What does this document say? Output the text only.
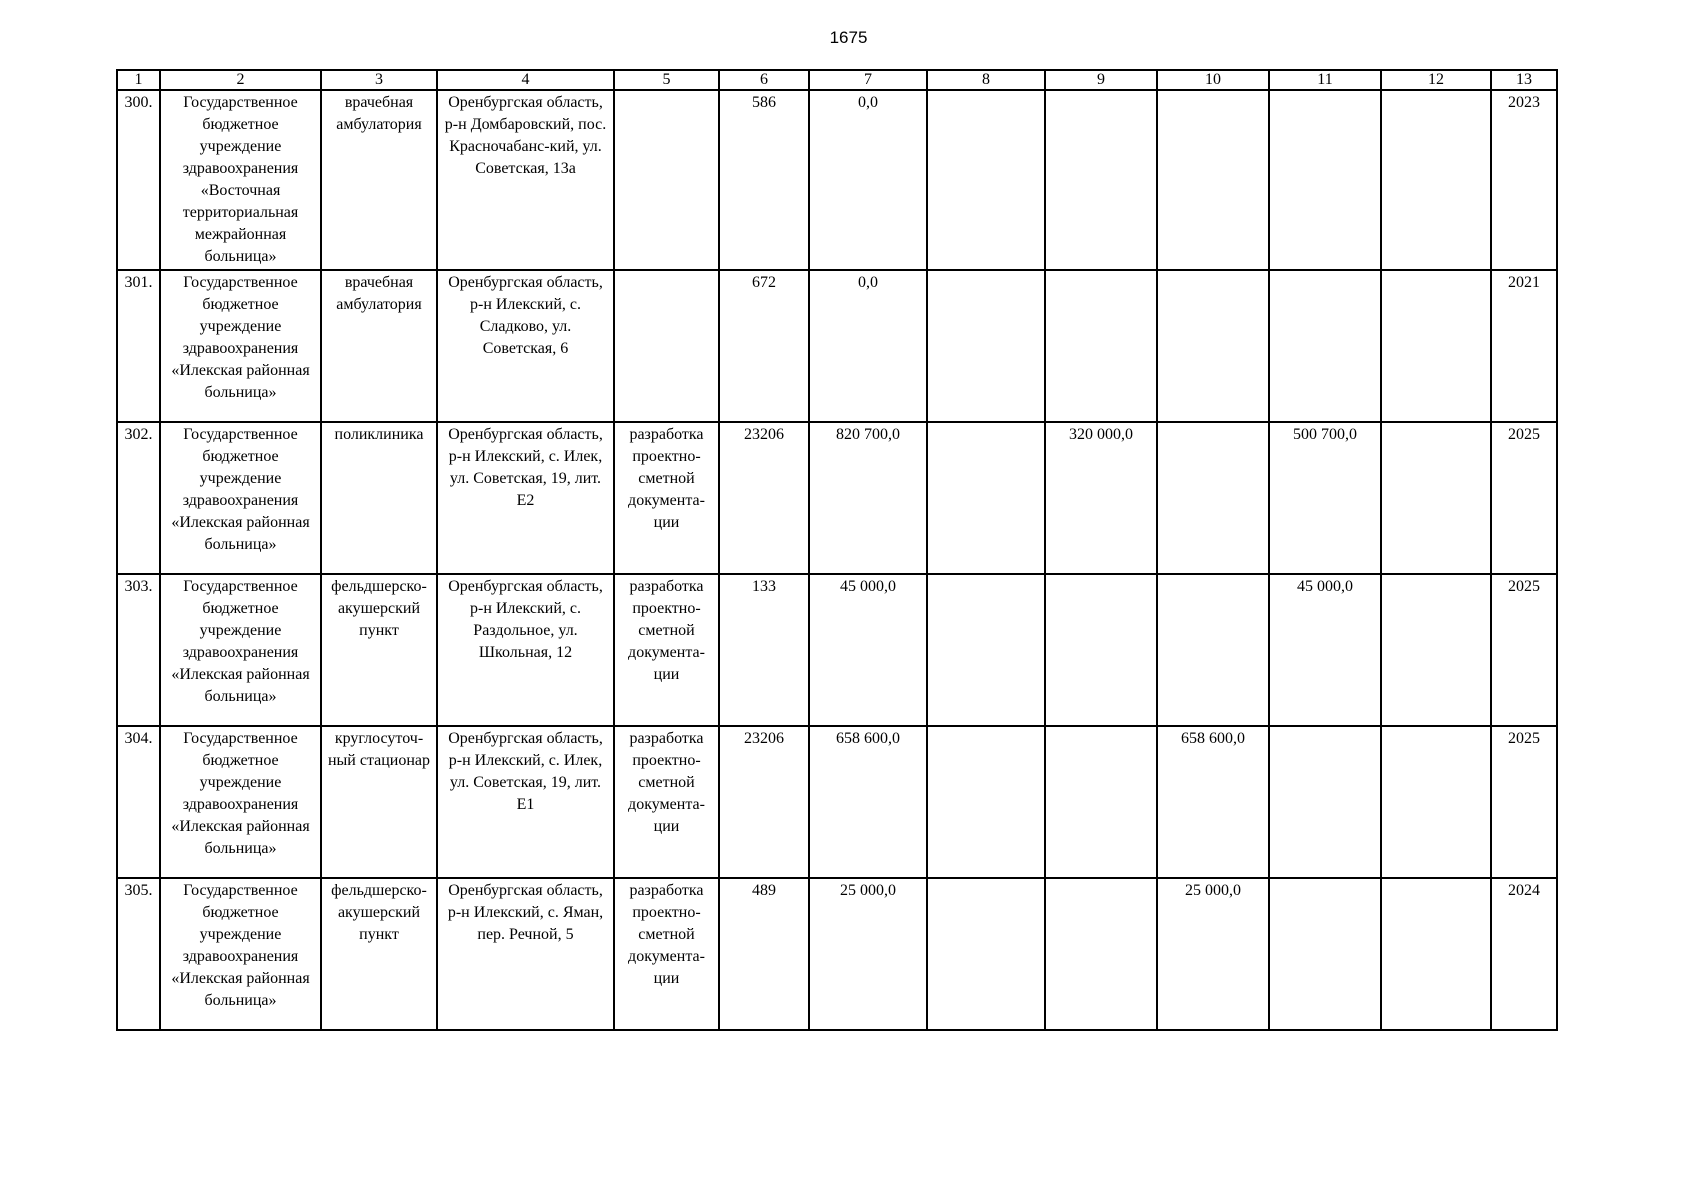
1675
1	2	3	4	5	6	7	8	9	10	11	12	13
300.	Государственное бюджетное учреждение здравоохранения «Восточная территориальная межрайонная больница»	врачебная амбулатория	Оренбургская область, р-н Домбаровский, пос. Красночабанс-кий, ул. Советская, 13а		586	0,0						2023
301.	Государственное бюджетное учреждение здравоохранения «Илекская районная больница»	врачебная амбулатория	Оренбургская область, р-н Илекский, с. Сладково, ул. Советская, 6		672	0,0						2021
302.	Государственное бюджетное учреждение здравоохранения «Илекская районная больница»	поликлиника	Оренбургская область, р-н Илекский, с. Илек, ул. Советская, 19, лит. Е2	разработка проектно-сметной документа-ции	23206	820 700,0		320 000,0		500 700,0		2025
303.	Государственное бюджетное учреждение здравоохранения «Илекская районная больница»	фельдшерско-акушерский пункт	Оренбургская область, р-н Илекский, с. Раздольное, ул. Школьная, 12	разработка проектно-сметной документа-ции	133	45 000,0				45 000,0		2025
304.	Государственное бюджетное учреждение здравоохранения «Илекская районная больница»	круглосуточ-ный стационар	Оренбургская область, р-н Илекский, с. Илек, ул. Советская, 19, лит. Е1	разработка проектно-сметной документа-ции	23206	658 600,0			658 600,0			2025
305.	Государственное бюджетное учреждение здравоохранения «Илекская районная больница»	фельдшерско-акушерский пункт	Оренбургская область, р-н Илекский, с. Яман, пер. Речной, 5	разработка проектно-сметной документа-ции	489	25 000,0			25 000,0			2024
